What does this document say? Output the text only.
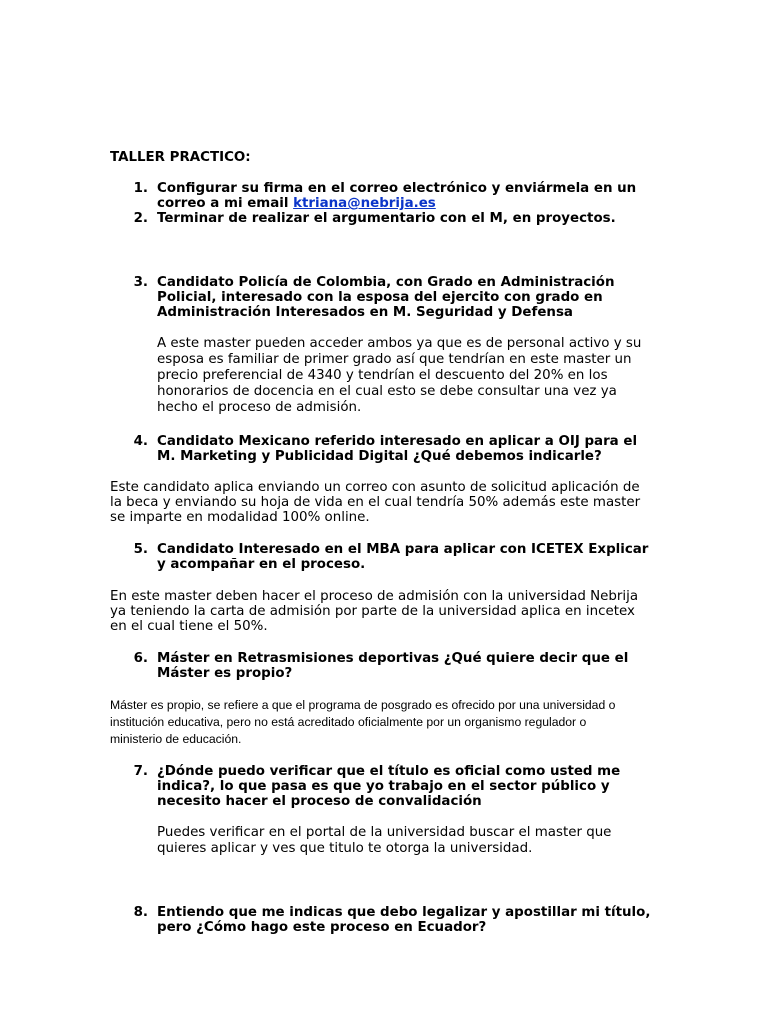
TALLER PRACTICO:

1. Configurar su firma en el correo electrónico y enviármela en un

correo a mi email ktriana@nebrija.es

2. Terminar de realizar el argumentario con el M, en proyectos.

3. Candidato Policía de Colombia, con Grado en Administración

Policial, interesado con la esposa del ejercito con grado en

Administración Interesados en M. Seguridad y Defensa

A este master pueden acceder ambos ya que es de personal activo y su

esposa es familiar de primer grado así que tendrían en este master un

precio preferencial de 4340 y tendrían el descuento del 20% en los

honorarios de docencia en el cual esto se debe consultar una vez ya

hecho el proceso de admisión.

4. Candidato Mexicano referido interesado en aplicar a OIJ para el

M. Marketing y Publicidad Digital ¿Qué debemos indicarle?

Este candidato aplica enviando un correo con asunto de solicitud aplicación de

la beca y enviando su hoja de vida en el cual tendría 50% además este master

se imparte en modalidad 100% online.

5. Candidato Interesado en el MBA para aplicar con ICETEX Explicar

y acompañar en el proceso.

En este master deben hacer el proceso de admisión con la universidad Nebrija

ya teniendo la carta de admisión por parte de la universidad aplica en incetex

en el cual tiene el 50%.

6. Máster en Retrasmisiones deportivas ¿Qué quiere decir que el

Máster es propio?

Máster es propio, se refiere a que el programa de posgrado es ofrecido por una universidad o

institución educativa, pero no está acreditado oficialmente por un organismo regulador o

ministerio de educación.

7. ¿Dónde puedo verificar que el título es oficial como usted me

indica?, lo que pasa es que yo trabajo en el sector público y

necesito hacer el proceso de convalidación

Puedes verificar en el portal de la universidad buscar el master que

quieres aplicar y ves que titulo te otorga la universidad.

8. Entiendo que me indicas que debo legalizar y apostillar mi título,

pero ¿Cómo hago este proceso en Ecuador?
